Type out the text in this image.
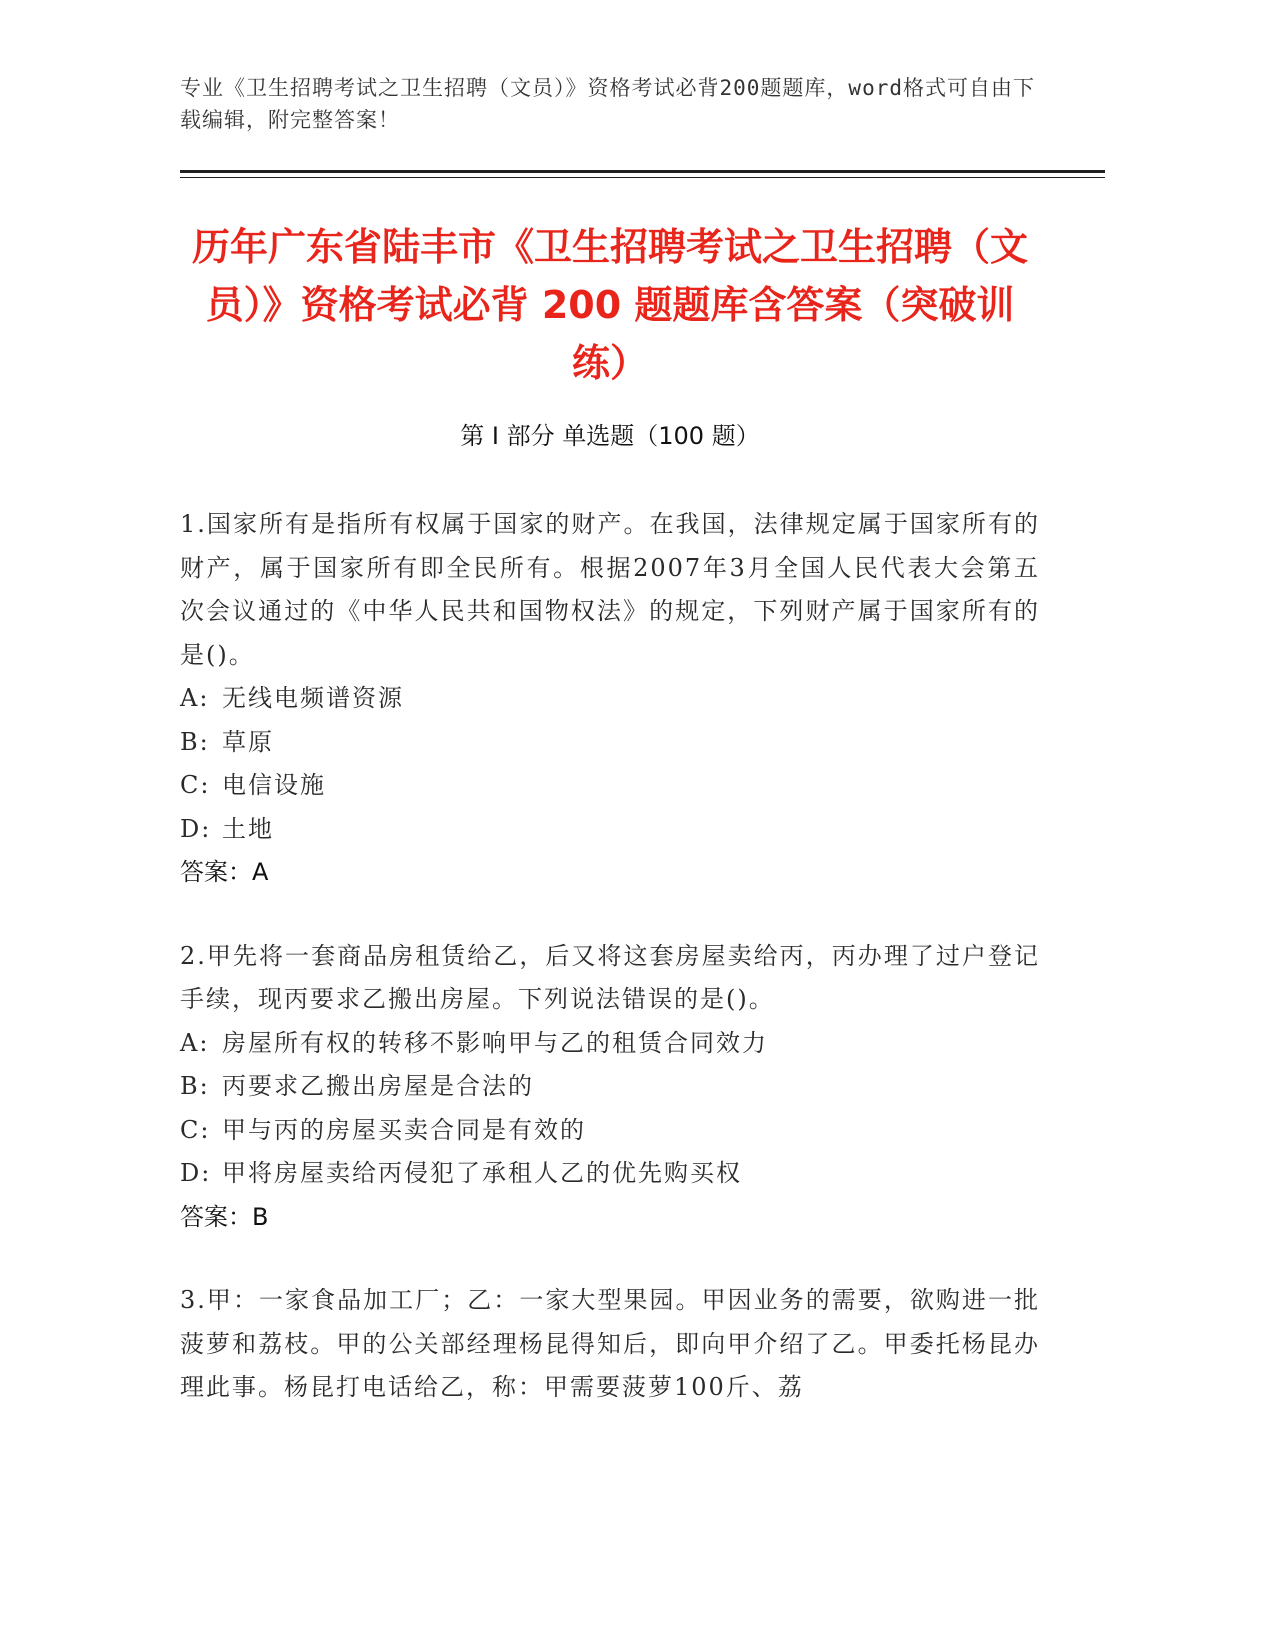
专业《卫生招聘考试之卫生招聘（文员）》资格考试必背200题题库，word格式可自由下载编辑，附完整答案！
历年广东省陆丰市《卫生招聘考试之卫生招聘（文员）》资格考试必背 200 题题库含答案（突破训练）
第 I 部分 单选题（100 题）
1.国家所有是指所有权属于国家的财产。在我国，法律规定属于国家所有的财产，属于国家所有即全民所有。根据2007年3月全国人民代表大会第五次会议通过的《中华人民共和国物权法》的规定，下列财产属于国家所有的是()。
A: 无线电频谱资源
B: 草原
C: 电信设施
D: 土地
答案：A
2.甲先将一套商品房租赁给乙，后又将这套房屋卖给丙，丙办理了过户登记手续，现丙要求乙搬出房屋。下列说法错误的是()。
A: 房屋所有权的转移不影响甲与乙的租赁合同效力
B: 丙要求乙搬出房屋是合法的
C: 甲与丙的房屋买卖合同是有效的
D: 甲将房屋卖给丙侵犯了承租人乙的优先购买权
答案：B
3.甲：一家食品加工厂；乙：一家大型果园。甲因业务的需要，欲购进一批菠萝和荔枝。甲的公关部经理杨昆得知后，即向甲介绍了乙。甲委托杨昆办理此事。杨昆打电话给乙，称：甲需要菠萝100斤、荔
